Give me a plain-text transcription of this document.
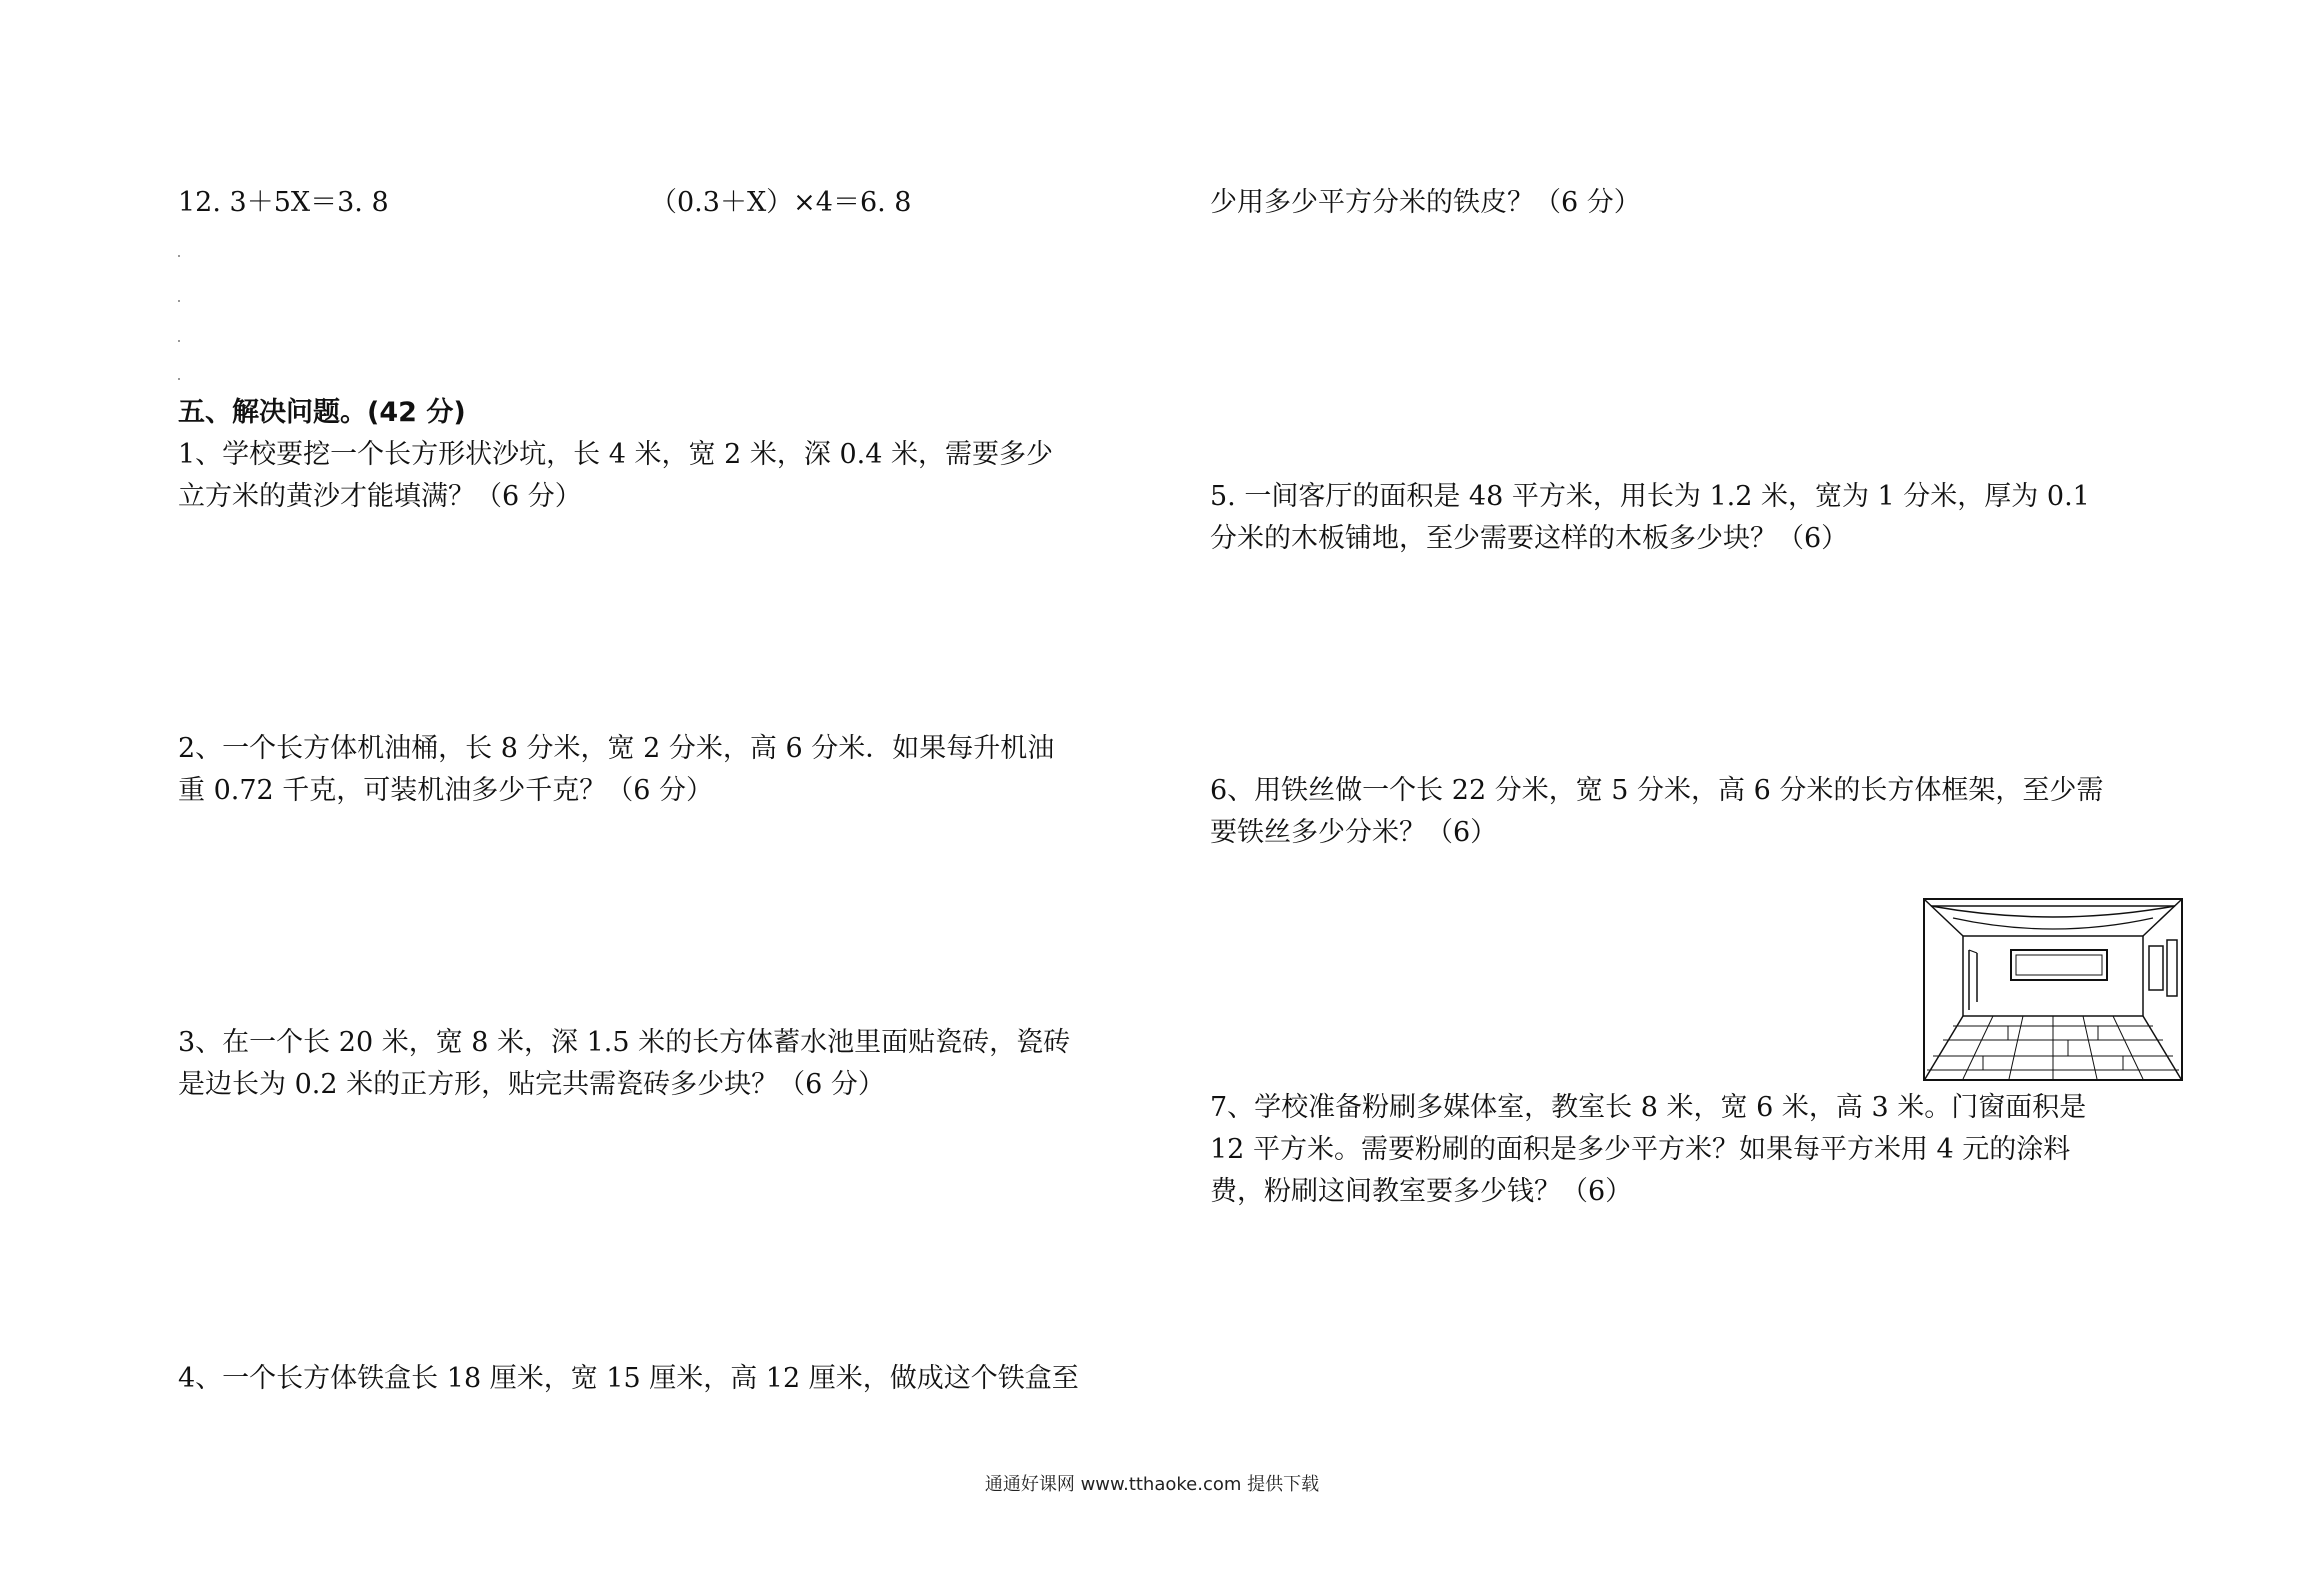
12. 3＋5X＝3. 8	（0.3＋X）×4＝6. 8
五、解决问题。(42 分)
1、学校要挖一个长方形状沙坑，长 4 米，宽 2 米，深 0.4 米，需要多少
立方米的黄沙才能填满？（6 分）
2、一个长方体机油桶，长 8 分米，宽 2 分米，高 6 分米．如果每升机油
重 0.72 千克，可装机油多少千克？（6 分）
3、在一个长 20 米，宽 8 米，深 1.5 米的长方体蓄水池里面贴瓷砖，瓷砖
是边长为 0.2 米的正方形，贴完共需瓷砖多少块？（6 分）
4、一个长方体铁盒长 18 厘米，宽 15 厘米，高 12 厘米，做成这个铁盒至
少用多少平方分米的铁皮？（6 分）
5. 一间客厅的面积是 48 平方米，用长为 1.2 米，宽为 1 分米，厚为 0.1
分米的木板铺地，至少需要这样的木板多少块？（6）
6、用铁丝做一个长 22 分米，宽 5 分米，高 6 分米的长方体框架，至少需
要铁丝多少分米？（6）
7、学校准备粉刷多媒体室，教室长 8 米，宽 6 米，高 3 米。门窗面积是
12 平方米。需要粉刷的面积是多少平方米？如果每平方米用 4 元的涂料
费，粉刷这间教室要多少钱？（6）
通通好课网 www.tthaoke.com 提供下载
